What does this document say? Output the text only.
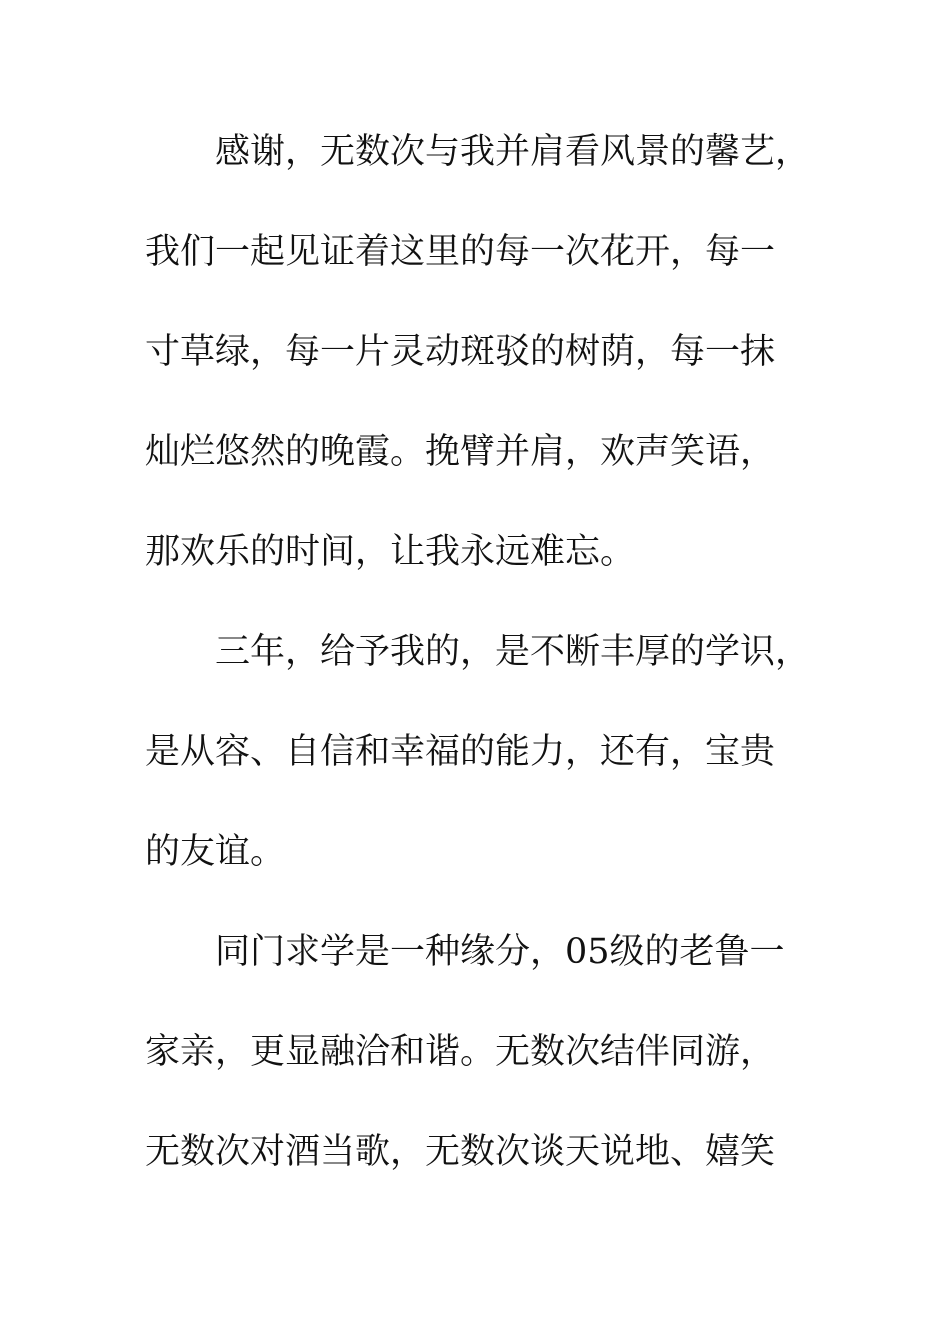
感谢，无数次与我并肩看风景的馨艺，
我们一起见证着这里的每一次花开，每一
寸草绿，每一片灵动斑驳的树荫，每一抹
灿烂悠然的晚霞。挽臂并肩，欢声笑语，
那欢乐的时间，让我永远难忘。
三年，给予我的，是不断丰厚的学识，
是从容、自信和幸福的能力，还有，宝贵
的友谊。
同门求学是一种缘分，05级的老鲁一
家亲，更显融洽和谐。无数次结伴同游，
无数次对酒当歌，无数次谈天说地、嬉笑
